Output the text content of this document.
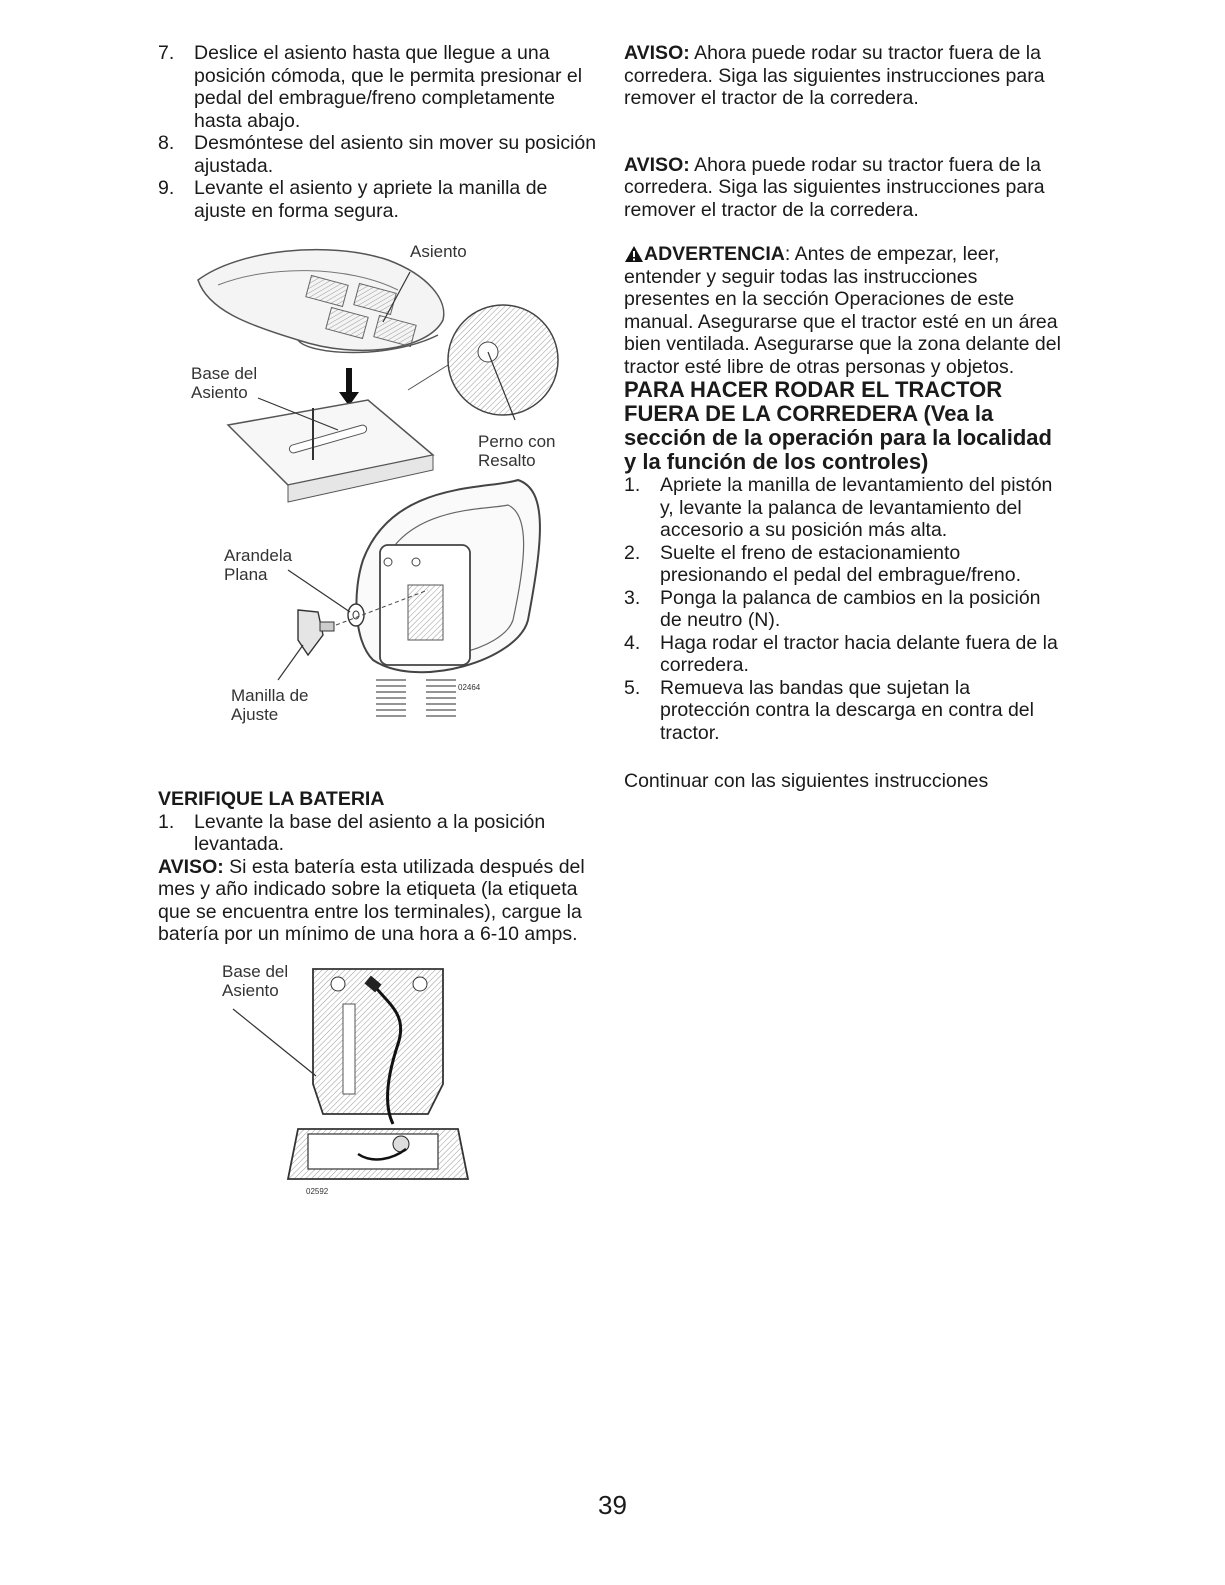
7. Deslice el asiento hasta que llegue a una posición cómoda, que le permita presionar el pedal del embrague/freno completamente hasta abajo.
8. Desmóntese del asiento sin mover su posición ajustada.
9. Levante el asiento y apriete la manilla de ajuste en forma segura.
Asiento
Base del
Asiento
Perno con
Resalto
Arandela
Plana
Manilla de
Ajuste
02464

VERIFIQUE LA BATERIA

1. Levante la base del asiento a la posición levantada.

AVISO: Si esta batería esta utilizada después del mes y año indicado sobre la etiqueta (la etiqueta que se encuentra entre los terminales), cargue la batería por un mínimo de una hora a 6-10 amps.

Base del
Asiento
02592

AVISO: Ahora puede rodar su tractor fuera de la corredera. Siga las siguientes instrucciones para remover el tractor de la corredera.

AVISO: Ahora puede rodar su tractor fuera de la corredera. Siga las siguientes instrucciones para remover el tractor de la corredera.

ADVERTENCIA: Antes de empezar, leer, entender y seguir todas las instrucciones presentes en la sección Operaciones de este manual. Asegurarse que el tractor esté en un área bien ventilada. Asegurarse que la zona delante del tractor esté libre de otras personas y objetos.

PARA HACER RODAR EL TRACTOR FUERA DE LA CORREDERA (Vea la sección de la operación para la localidad y la función de los controles)

1. Apriete la manilla de levantamiento del pistón y, levante la palanca de levantamiento del accesorio a su posición más alta.
2. Suelte el freno de estacionamiento presionando el pedal del embrague/freno.
3. Ponga la palanca de cambios en la posición de neutro (N).
4. Haga rodar el tractor hacia delante fuera de la corredera.
5. Remueva las bandas que sujetan la protección contra la descarga en contra del tractor.

Continuar con las siguientes instrucciones

39
